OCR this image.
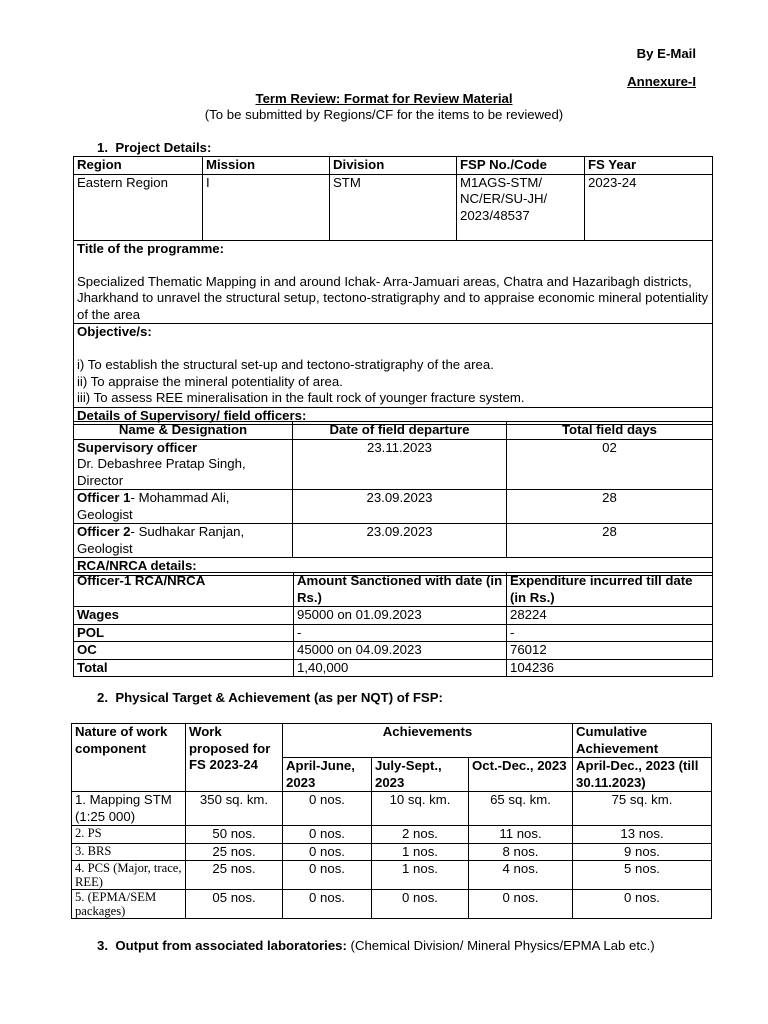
By E-Mail
Annexure-I
Term Review: Format for Review Material
(To be submitted by Regions/CF for the items to be reviewed)
1.  Project Details:
Region	Mission	Division	FSP No./Code	FS Year
Eastern Region	I	STM	M1AGS-STM/
NC/ER/SU-JH/
2023/48537	2023-24

Title of the programme:
Specialized Thematic Mapping in and around Ichak- Arra-Jamuari areas, Chatra and Hazaribagh districts, Jharkhand to unravel the structural setup, tectono-stratigraphy and to appraise economic mineral potentiality of the area				

Objective/s:
i) To establish the structural set-up and tectono-stratigraphy of the area.
ii) To appraise the mineral potentiality of area.
iii) To assess REE mineralisation in the fault rock of younger fracture system.				

Details of Supervisory/ field officers:				
Name & Designation	Date of field departure	Total field days

Supervisory officer
Dr. Debashree Pratap Singh,
Director	23.11.2023	02
Officer 1- Mohammad Ali,
Geologist	23.09.2023	28
Officer 2- Sudhakar Ranjan,
Geologist	23.09.2023	28
RCA/NRCA details:		
Officer-1 RCA/NRCA	Amount Sanctioned with date (in Rs.)	Expenditure incurred till date (in Rs.)
Wages	95000 on 01.09.2023	28224
POL	-	-
OC	45000 on 04.09.2023	76012
Total	1,40,000	104236
2.  Physical Target & Achievement (as per NQT) of FSP:
Nature of work component	Work proposed for FS 2023-24	Achievements			Cumulative Achievement
		April-June, 2023	July-Sept., 2023	Oct.-Dec., 2023	April-Dec., 2023 (till 30.11.2023)
1. Mapping STM (1:25 000)	350 sq. km.	0 nos.	10 sq. km.	65 sq. km.	75 sq. km.
2. PS	50 nos.	0 nos.	2 nos.	11 nos.	13 nos.
3. BRS	25 nos.	0 nos.	1 nos.	8 nos.	9 nos.
4. PCS (Major, trace, REE)	25 nos.	0 nos.	1 nos.	4 nos.	5 nos.
5. (EPMA/SEM packages)	05 nos.	0 nos.	0 nos.	0 nos.	0 nos.
3.  Output from associated laboratories: (Chemical Division/ Mineral Physics/EPMA Lab etc.)
